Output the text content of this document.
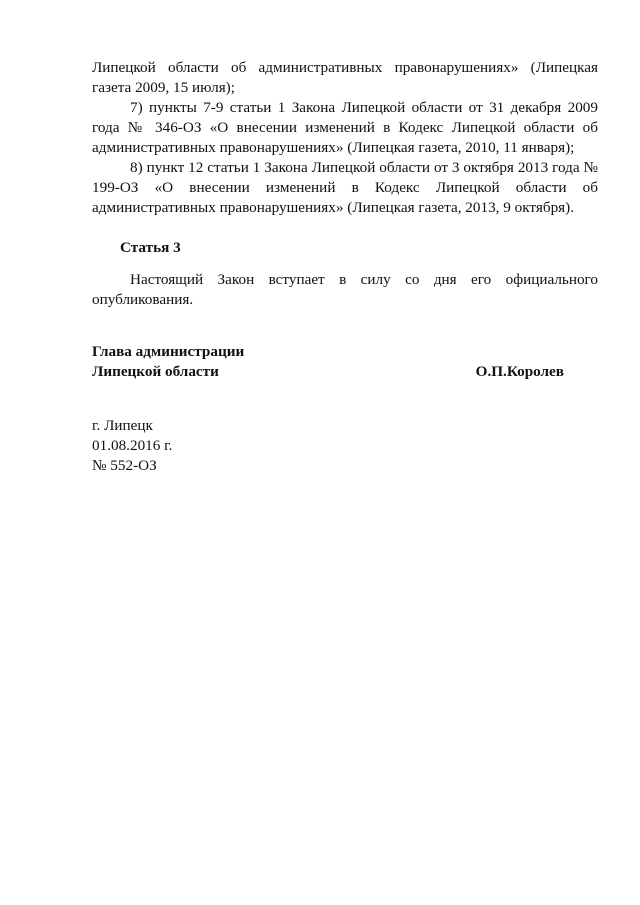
Липецкой области об административных правонарушениях» (Липецкая газета 2009, 15 июля);

7) пункты 7-9 статьи 1 Закона Липецкой области от 31 декабря 2009 года № 346-ОЗ «О внесении изменений в Кодекс Липецкой области об административных правонарушениях» (Липецкая газета, 2010, 11 января);

8) пункт 12 статьи 1 Закона Липецкой области от 3 октября 2013 года № 199-ОЗ «О внесении изменений в Кодекс Липецкой области об административных правонарушениях» (Липецкая газета, 2013, 9 октября).

Статья 3

Настоящий Закон вступает в силу со дня его официального опубликования.

Глава администрации
Липецкой области	О.П.Королев
г. Липецк
01.08.2016 г.
№ 552-ОЗ
